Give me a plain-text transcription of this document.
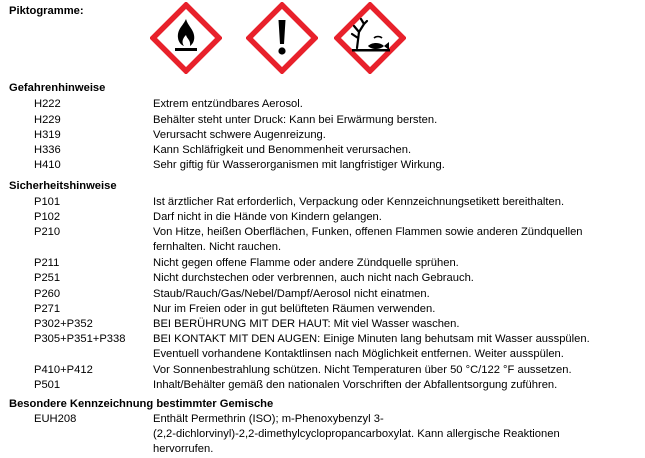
Piktogramme:
Gefahrenhinweise
H222	Extrem entzündbares Aerosol.
H229	Behälter steht unter Druck: Kann bei Erwärmung bersten.
H319	Verursacht schwere Augenreizung.
H336	Kann Schläfrigkeit und Benommenheit verursachen.
H410	Sehr giftig für Wasserorganismen mit langfristiger Wirkung.
Sicherheitshinweise
P101	Ist ärztlicher Rat erforderlich, Verpackung oder Kennzeichnungsetikett bereithalten.
P102	Darf nicht in die Hände von Kindern gelangen.
P210	Von Hitze, heißen Oberflächen, Funken, offenen Flammen sowie anderen Zündquellen
fernhalten. Nicht rauchen.
P211	Nicht gegen offene Flamme oder andere Zündquelle sprühen.
P251	Nicht durchstechen oder verbrennen, auch nicht nach Gebrauch.
P260	Staub/Rauch/Gas/Nebel/Dampf/Aerosol nicht einatmen.
P271	Nur im Freien oder in gut belüfteten Räumen verwenden.
P302+P352	BEI BERÜHRUNG MIT DER HAUT: Mit viel Wasser waschen.
P305+P351+P338 BEI KONTAKT MIT DEN AUGEN: Einige Minuten lang behutsam mit Wasser ausspülen.
Eventuell vorhandene Kontaktlinsen nach Möglichkeit entfernen. Weiter ausspülen.
P410+P412	Vor Sonnenbestrahlung schützen. Nicht Temperaturen über 50 °C/122 °F aussetzen.
P501	Inhalt/Behälter gemäß den nationalen Vorschriften der Abfallentsorgung zuführen.
Besondere Kennzeichnung bestimmter Gemische
EUH208	Enthält Permethrin (ISO); m-Phenoxybenzyl 3-
(2,2-dichlorvinyl)-2,2-dimethylcyclopropancarboxylat. Kann allergische Reaktionen
hervorrufen.
